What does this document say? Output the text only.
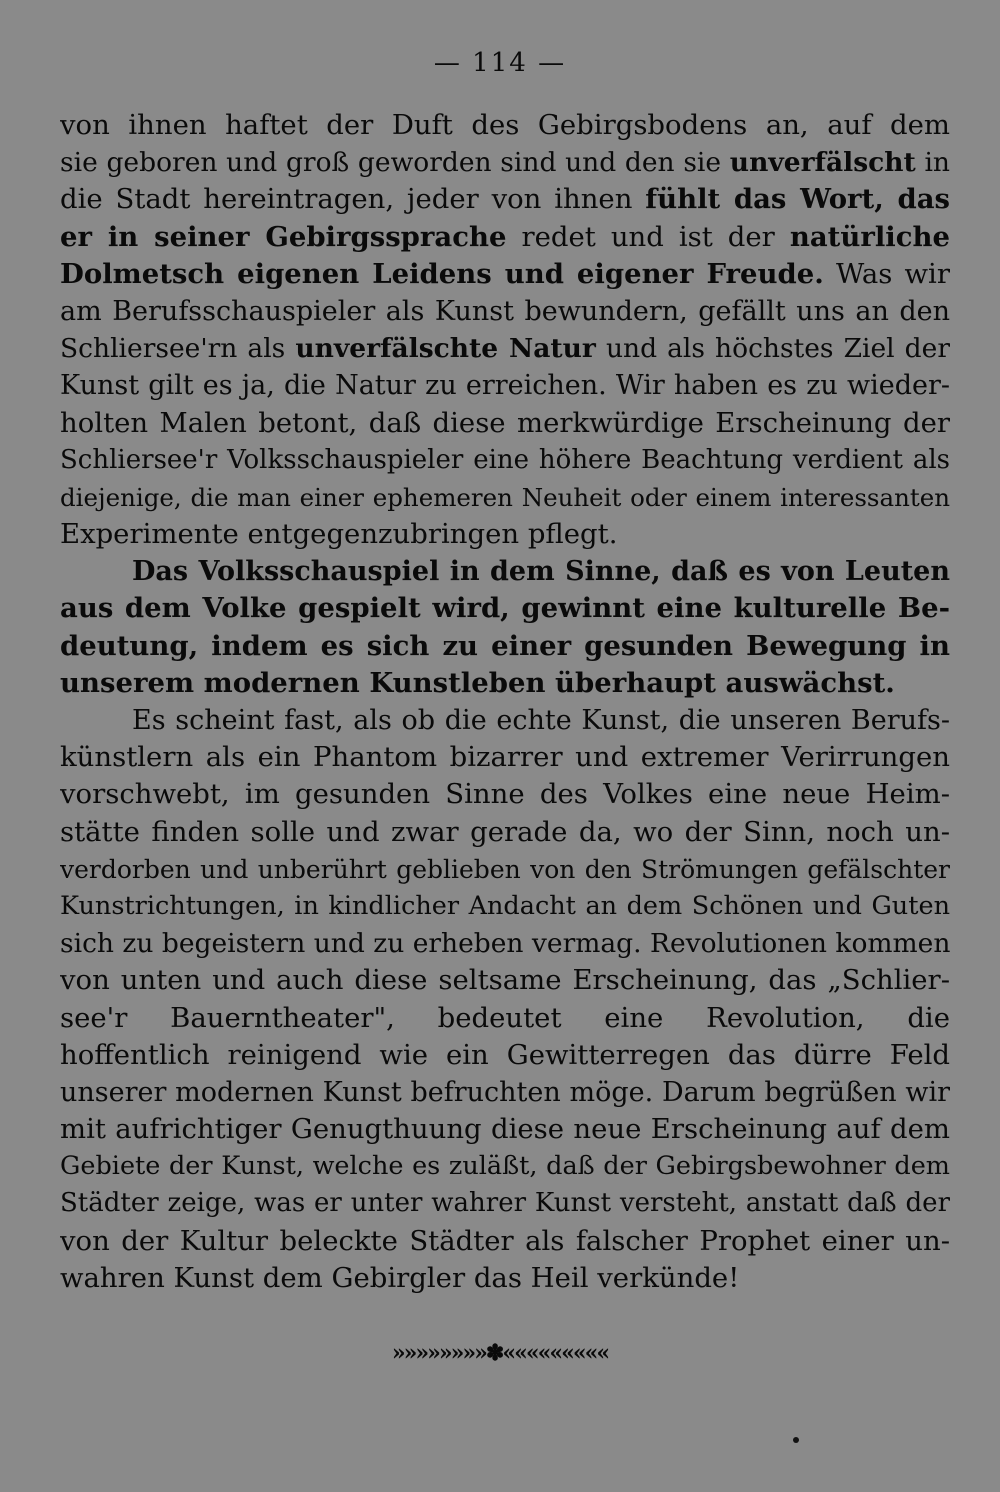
— 114 —
von ihnen haftet der Duft des Gebirgsbodens an, auf dem
sie geboren und groß geworden sind und den sie unverfälscht in
die Stadt hereintragen, jeder von ihnen fühlt das Wort, das
er in seiner Gebirgssprache redet und ist der natürliche
Dolmetsch eigenen Leidens und eigener Freude. Was wir
am Berufsschauspieler als Kunst bewundern, gefällt uns an den
Schliersee'rn als unverfälschte Natur und als höchstes Ziel der
Kunst gilt es ja, die Natur zu erreichen. Wir haben es zu wieder-
holten Malen betont, daß diese merkwürdige Erscheinung der
Schliersee'r Volksschauspieler eine höhere Beachtung verdient als
diejenige, die man einer ephemeren Neuheit oder einem interessanten
Experimente entgegenzubringen pflegt.
Das Volksschauspiel in dem Sinne, daß es von Leuten
aus dem Volke gespielt wird, gewinnt eine kulturelle Be-
deutung, indem es sich zu einer gesunden Bewegung in
unserem modernen Kunstleben überhaupt auswächst.
Es scheint fast, als ob die echte Kunst, die unseren Berufs-
künstlern als ein Phantom bizarrer und extremer Verirrungen
vorschwebt, im gesunden Sinne des Volkes eine neue Heim-
stätte finden solle und zwar gerade da, wo der Sinn, noch un-
verdorben und unberührt geblieben von den Strömungen gefälschter
Kunstrichtungen, in kindlicher Andacht an dem Schönen und Guten
sich zu begeistern und zu erheben vermag. Revolutionen kommen
von unten und auch diese seltsame Erscheinung, das „Schlier-
see'r Bauerntheater", bedeutet eine Revolution, die
hoffentlich reinigend wie ein Gewitterregen das dürre Feld
unserer modernen Kunst befruchten möge. Darum begrüßen wir
mit aufrichtiger Genugthuung diese neue Erscheinung auf dem
Gebiete der Kunst, welche es zuläßt, daß der Gebirgsbewohner dem
Städter zeige, was er unter wahrer Kunst versteht, anstatt daß der
von der Kultur beleckte Städter als falscher Prophet einer un-
wahren Kunst dem Gebirgler das Heil verkünde!
»»»»»»»»✽«««««««««
